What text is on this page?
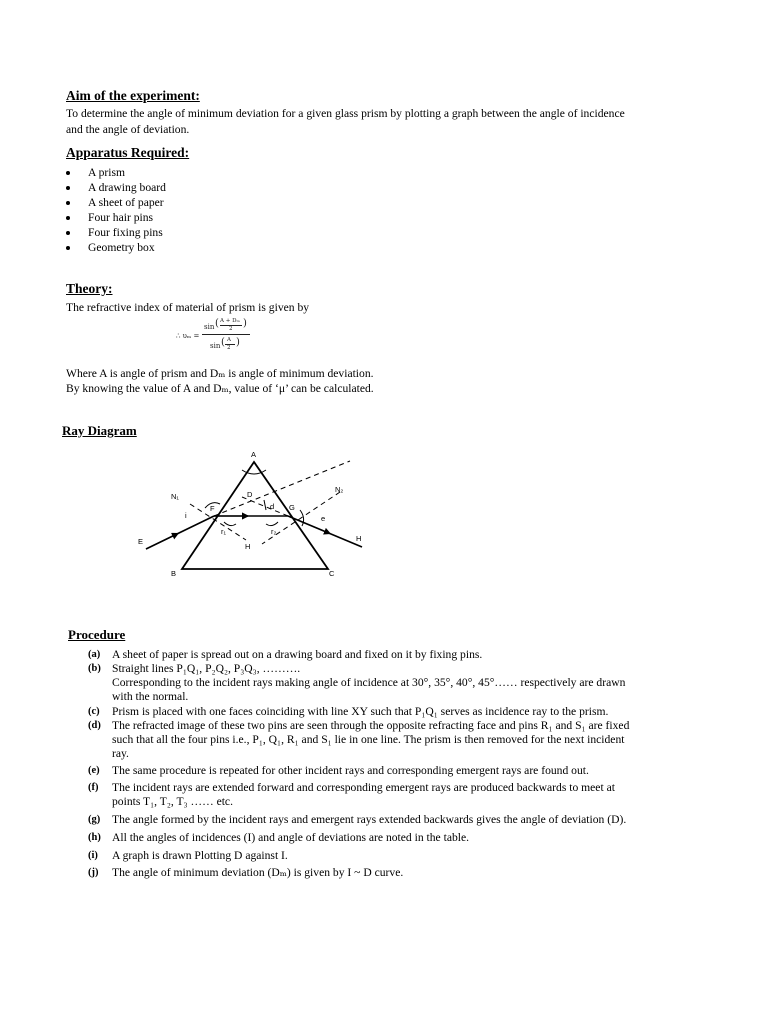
Aim of the experiment:
To determine the angle of minimum deviation for a given glass prism by plotting a graph between the angle of incidence
and the angle of deviation.
Apparatus Required:
A prism
A drawing board
A sheet of paper
Four hair pins
Four fixing pins
Geometry box
Theory:
The refractive index of material of prism is given by
∴ υₘ =
sin ( A + Dₘ
2 )
sin ( A
2 )
Where A is angle of prism and Dₘ is angle of minimum deviation.
By knowing the value of A and Dₘ, value of ‘μ’ can be calculated.
Ray Diagram
A
B	C
D
E
F	G
H
H
N₁
N₂
i	e
d
r₁	r₂
Procedure
(a) A sheet of paper is spread out on a drawing board and fixed on it by fixing pins.
(b) Straight lines P₁Q₁, P₂Q₂, P₃Q₃, ……….
Corresponding to the incident rays making angle of incidence at 30°, 35°, 40°, 45°…… respectively are drawn
with the normal.
(c) Prism is placed with one faces coinciding with line XY such that P₁Q₁ serves as incidence ray to the prism.
(d) The refracted image of these two pins are seen through the opposite refracting face and pins R₁ and S₁ are fixed
such that all the four pins i.e., P₁, Q₁, R₁ and S₁ lie in one line. The prism is then removed for the next incident
ray.
(e) The same procedure is repeated for other incident rays and corresponding emergent rays are found out.
(f) The incident rays are extended forward and corresponding emergent rays are produced backwards to meet at
points T₁, T₂, T₃ …… etc.
(g) The angle formed by the incident rays and emergent rays extended backwards gives the angle of deviation (D).
(h) All the angles of incidences (I) and angle of deviations are noted in the table.
(i) A graph is drawn Plotting D against I.
(j) The angle of minimum deviation (Dₘ) is given by I ~ D curve.
